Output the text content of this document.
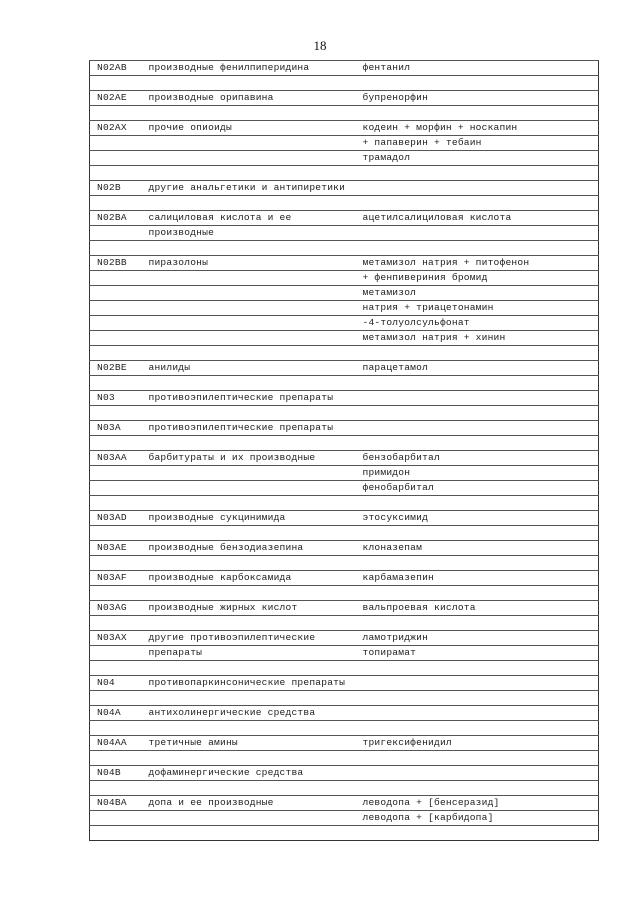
18
N02AB	производные фенилпиперидина	фентанил

N02AE	производные орипавина	бупренорфин

N02AX	прочие опиоиды	кодеин + морфин + носкапин
		+ папаверин + тебаин
		трамадол

N02B	другие анальгетики и антипиретики	

N02BA	салициловая кислота и ее	ацетилсалициловая кислота
	производные	

N02BB	пиразолоны	метамизол натрия + питофенон
		+ фенпивериния бромид
		метамизол
		натрия + триацетонамин
		-4-толуолсульфонат
		метамизол натрия + хинин

N02BE	анилиды	парацетамол

N03	противоэпилептические препараты	

N03A	противоэпилептические препараты	

N03AA	барбитураты и их производные	бензобарбитал
		примидон
		фенобарбитал

N03AD	производные сукцинимида	этосуксимид

N03AE	производные бензодиазепина	клоназепам

N03AF	производные карбоксамида	карбамазепин

N03AG	производные жирных кислот	вальпроевая кислота

N03AX	другие противоэпилептические	ламотриджин
	препараты	топирамат

N04	противопаркинсонические препараты	

N04A	антихолинергические средства	

N04AA	третичные амины	тригексифенидил

N04B	дофаминергические средства	

N04BA	допа и ее производные	леводопа + [бенсеразид]
		леводопа + [карбидопа]
